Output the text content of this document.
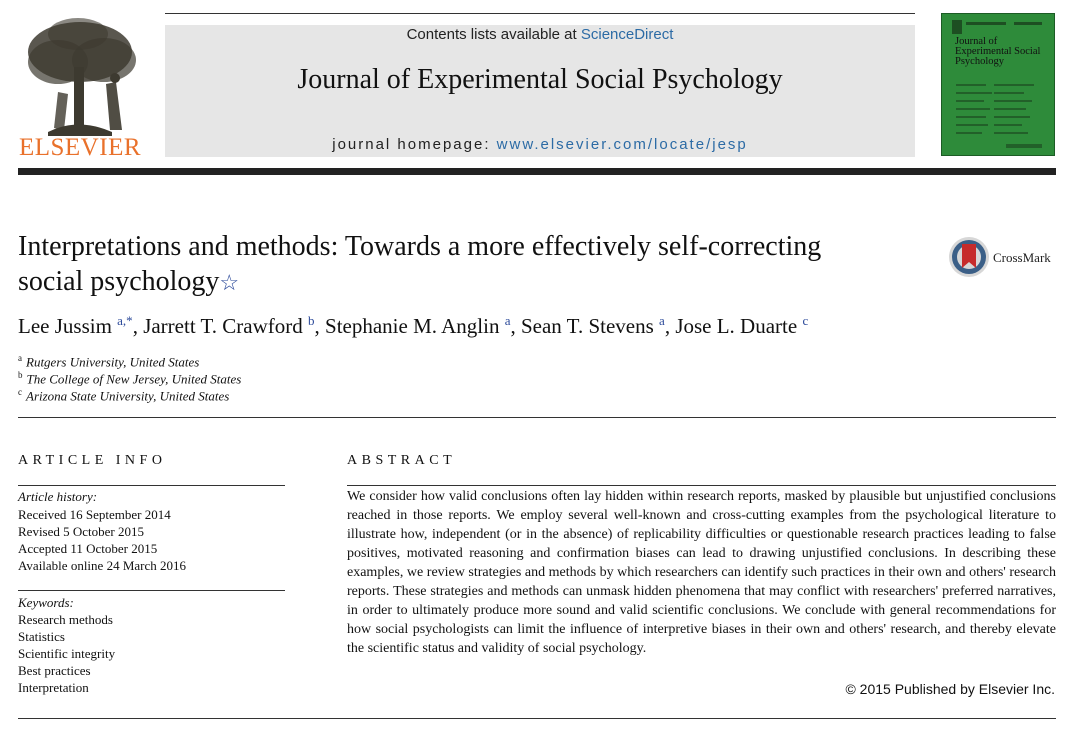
ELSEVIER
Contents lists available at ScienceDirect
Journal of Experimental Social Psychology
journal homepage: www.elsevier.com/locate/jesp
Journal of Experimental Social Psychology
Interpretations and methods: Towards a more effectively self-correcting
social psychology☆
CrossMark
Lee Jussim $^{a,*}$, Jarrett T. Crawford $^b$, Stephanie M. Anglin $^a$, Sean T. Stevens $^a$, Jose L. Duarte $^c$
$^a$ Rutgers University, United States
$^b$ The College of New Jersey, United States
$^c$ Arizona State University, United States
ARTICLE INFO
Article history:
Received 16 September 2014
Revised 5 October 2015
Accepted 11 October 2015
Available online 24 March 2016
Keywords:
Research methods
Statistics
Scientific integrity
Best practices
Interpretation
ABSTRACT
We consider how valid conclusions often lay hidden within research reports, masked by plausible but unjustified conclusions reached in those reports. We employ several well-known and cross-cutting examples from the psychological literature to illustrate how, independent (or in the absence) of replicability difficulties or questionable research practices leading to false positives, motivated reasoning and confirmation biases can lead to drawing unjustified conclusions. In describing these examples, we review strategies and methods by which researchers can identify such practices in their own and others' research reports. These strategies and methods can unmask hidden phenomena that may conflict with researchers' preferred narratives, in order to ultimately produce more sound and valid scientific conclusions. We conclude with general recommendations for how social psychologists can limit the influence of interpretive biases in their own and others' research, and thereby elevate the scientific status and validity of social psychology.
© 2015 Published by Elsevier Inc.
